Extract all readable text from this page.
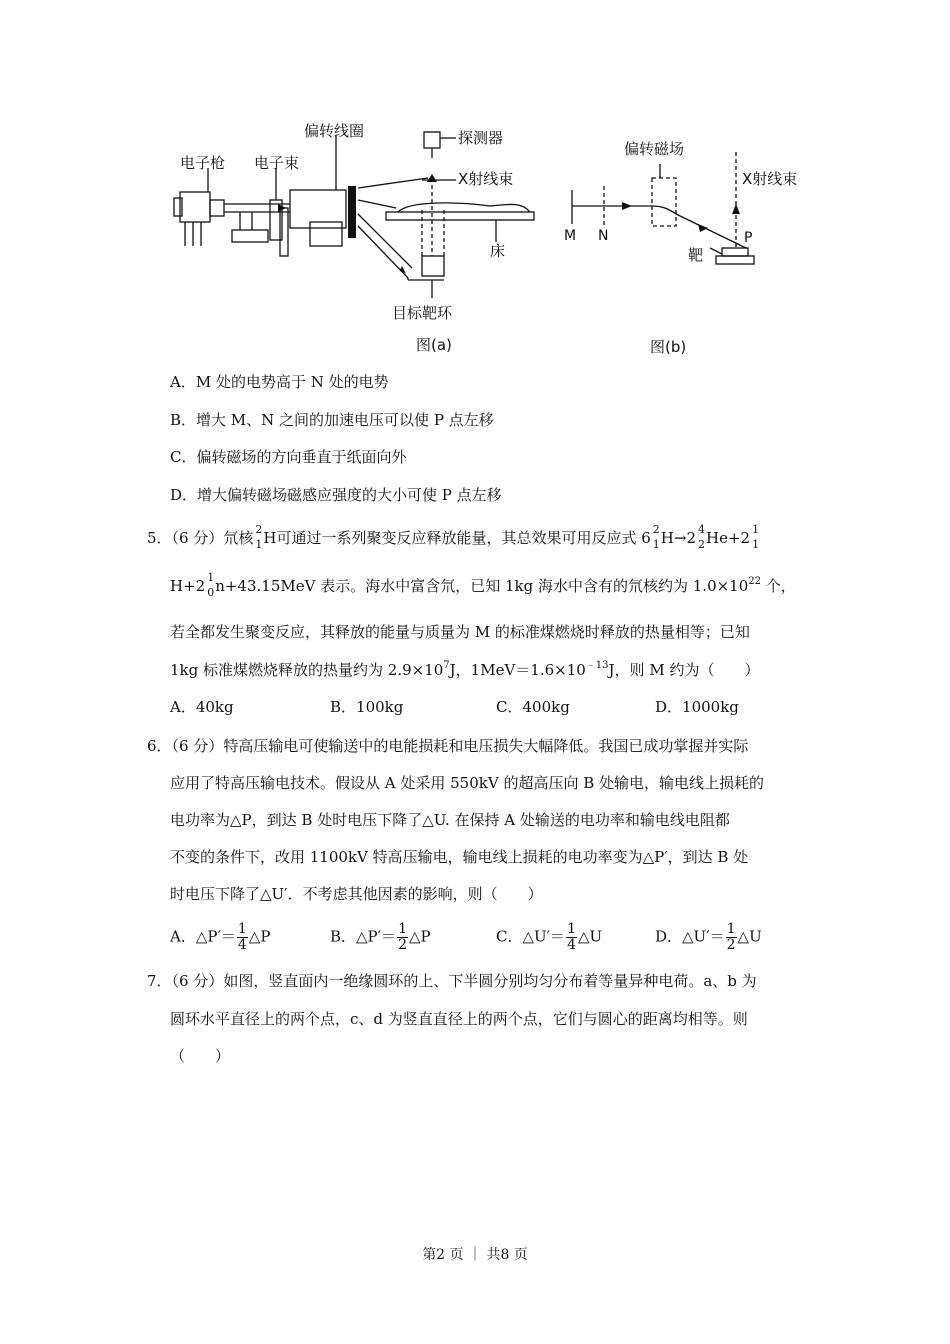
电子枪 电子束
偏转线圈	探测器
X射线束
床
目标靶环
图(a)
偏转磁场
X射线束
M N	P
靶
图(b)
A．M 处的电势高于 N 处的电势
B．增大 M、N 之间的加速电压可以使 P 点左移
C．偏转磁场的方向垂直于纸面向外
D．增大偏转磁场磁感应强度的大小可使 P 点左移
5．（6 分）氘核 2
1 H可通过一系列聚变反应释放能量，其总效果可用反应式 6 2
1 H→2 4
2 He+2 1
1
H+2 1
0 n+43.15MeV 表示。海水中富含氘，已知 1kg 海水中含有的氘核约为 $1.0\times 10^{22}$ 个，
若全都发生聚变反应，其释放的能量与质量为 M 的标准煤燃烧时释放的热量相等；已知
1kg 标准煤燃烧释放的热量约为 $2.9\times 10^7J$，$1MeV=1.6\times 10^{﹣13}J$，则 M 约为（　　）
A．40kg	B．100kg	C．400kg	D．1000kg
6．（6 分）特高压输电可使输送中的电能损耗和电压损失大幅降低。我国已成功掌握并实际
应用了特高压输电技术。假设从 A 处采用 550kV 的超高压向 B 处输电，输电线上损耗的
电功率为△P，到达 B 处时电压下降了△U. 在保持 A 处输送的电功率和输电线电阻都
不变的条件下，改用 1100kV 特高压输电，输电线上损耗的电功率变为△P′，到达 B 处
时电压下降了△U′．不考虑其他因素的影响，则（　　）
A．△P′＝ $\frac{1}{4}$ △P	B．△P′＝ $\frac{1}{2}$ △P	C．△U′＝ $\frac{1}{4}$ △U	D．△U′＝ $\frac{1}{2}$ △U
7．（6 分）如图，竖直面内一绝缘圆环的上、下半圆分别均匀分布着等量异种电荷。a、b 为
圆环水平直径上的两个点，c、d 为竖直直径上的两个点，它们与圆心的距离均相等。则
（　　）
第2 页 ｜ 共8 页
